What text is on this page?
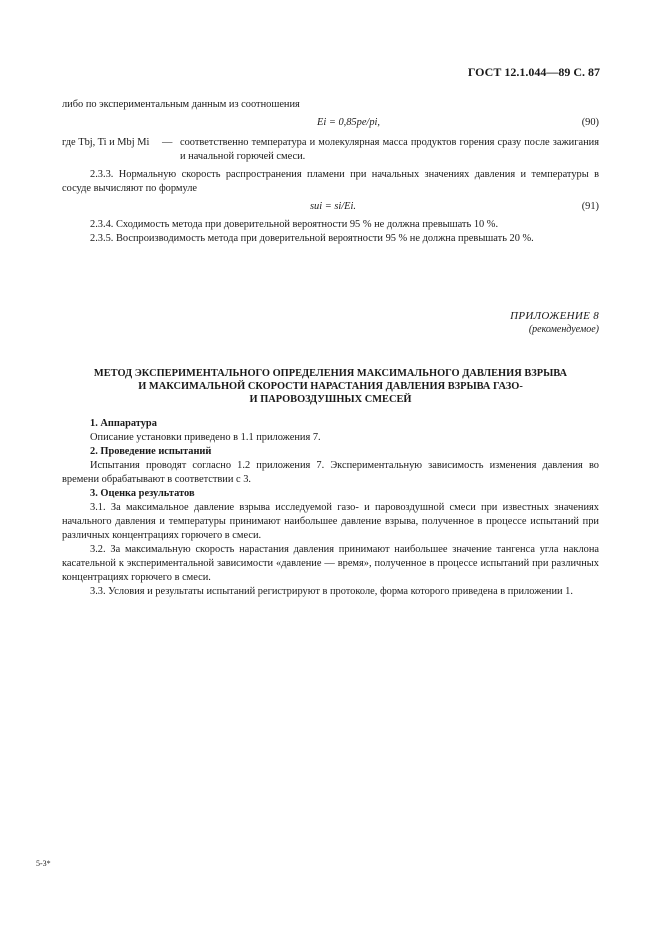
ГОСТ 12.1.044—89 С. 87

либо по экспериментальным данным из соотношения

Ei = 0,85pe/pi,	(90)
где Tbj, Ti и Mbj Mi	— соответственно температура и молекулярная масса продуктов горения сразу после зажигания и начальной горючей смеси.

2.3.3. Нормальную скорость распространения пламени при начальных значениях давления и температуры в сосуде вычисляют по формуле

sui = si/Ei.	(91)

2.3.4. Сходимость метода при доверительной вероятности 95 % не должна превышать 10 %.

2.3.5. Воспроизводимость метода при доверительной вероятности 95 % не должна превышать 20 %.

ПРИЛОЖЕНИЕ 8
(рекомендуемое)
МЕТОД ЭКСПЕРИМЕНТАЛЬНОГО ОПРЕДЕЛЕНИЯ МАКСИМАЛЬНОГО ДАВЛЕНИЯ ВЗРЫВА
И МАКСИМАЛЬНОЙ СКОРОСТИ НАРАСТАНИЯ ДАВЛЕНИЯ ВЗРЫВА ГАЗО-
И ПАРОВОЗДУШНЫХ СМЕСЕЙ

1. Аппаратура

Описание установки приведено в 1.1 приложения 7.

2. Проведение испытаний

Испытания проводят согласно 1.2 приложения 7. Экспериментальную зависимость изменения давления во времени обрабатывают в соответствии с 3.

3. Оценка результатов

3.1. За максимальное давление взрыва исследуемой газо- и паровоздушной смеси при известных значениях начального давления и температуры принимают наибольшее давление взрыва, полученное в процессе испытаний при различных концентрациях горючего в смеси.

3.2. За максимальную скорость нарастания давления принимают наибольшее значение тангенса угла наклона касательной к экспериментальной зависимости «давление — время», полученное в процессе испытаний при различных концентрациях горючего в смеси.

3.3. Условия и результаты испытаний регистрируют в протоколе, форма которого приведена в приложении 1.

5-3*
